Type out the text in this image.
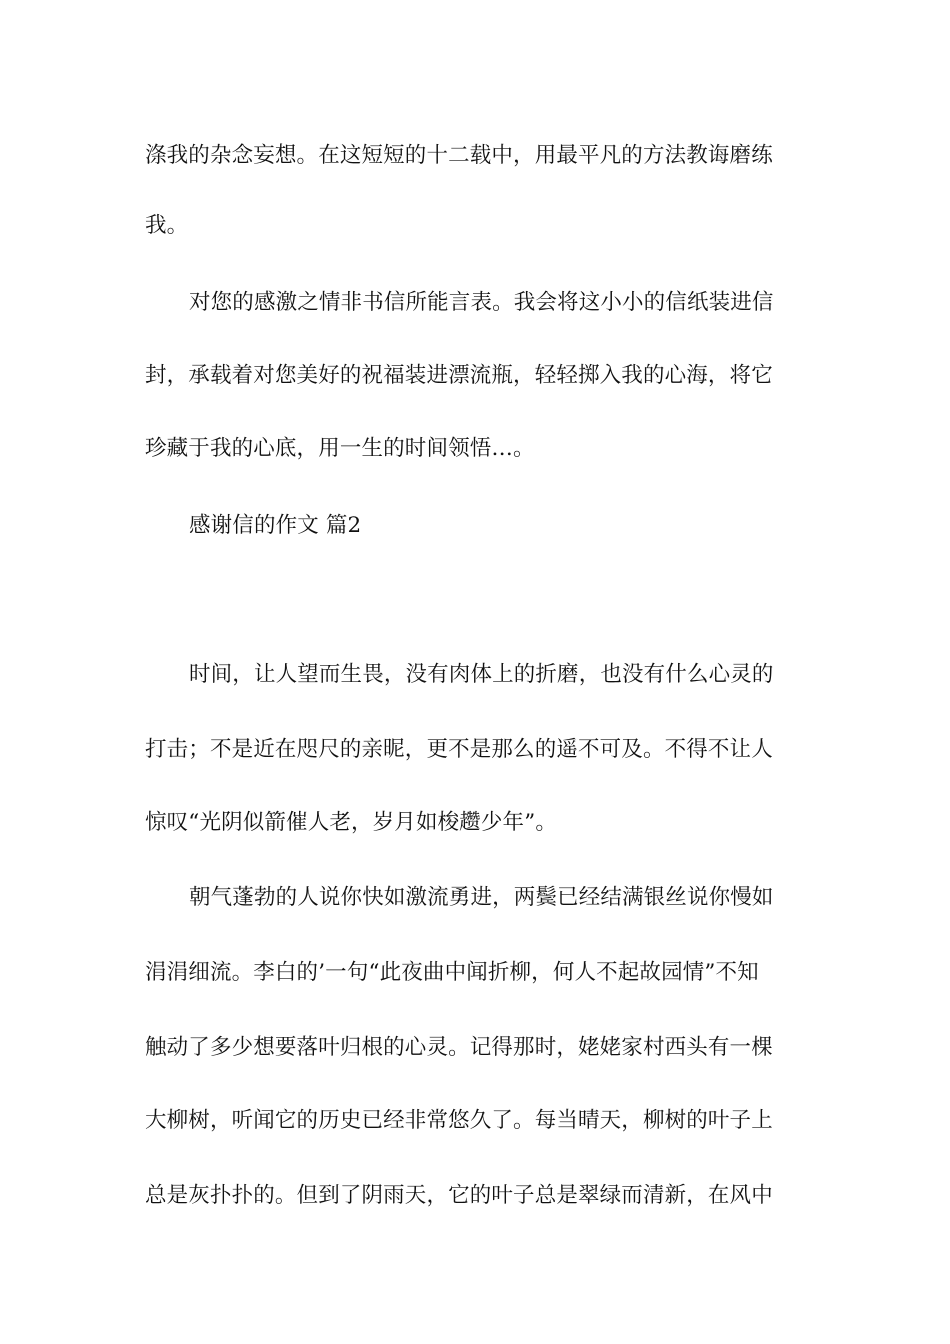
涤我的杂念妄想。在这短短的十二载中，用最平凡的方法教诲磨练
我。
对您的感激之情非书信所能言表。我会将这小小的信纸装进信
封，承载着对您美好的祝福装进漂流瓶，轻轻掷入我的心海，将它
珍藏于我的心底，用一生的时间领悟…。
感谢信的作文 篇2
时间，让人望而生畏，没有肉体上的折磨，也没有什么心灵的
打击；不是近在咫尺的亲昵，更不是那么的遥不可及。不得不让人
惊叹“光阴似箭催人老，岁月如梭趱少年”。
朝气蓬勃的人说你快如激流勇进，两鬓已经结满银丝说你慢如
涓涓细流。李白的’一句“此夜曲中闻折柳，何人不起故园情”不知
触动了多少想要落叶归根的心灵。记得那时，姥姥家村西头有一棵
大柳树，听闻它的历史已经非常悠久了。每当晴天，柳树的叶子上
总是灰扑扑的。但到了阴雨天，它的叶子总是翠绿而清新，在风中
